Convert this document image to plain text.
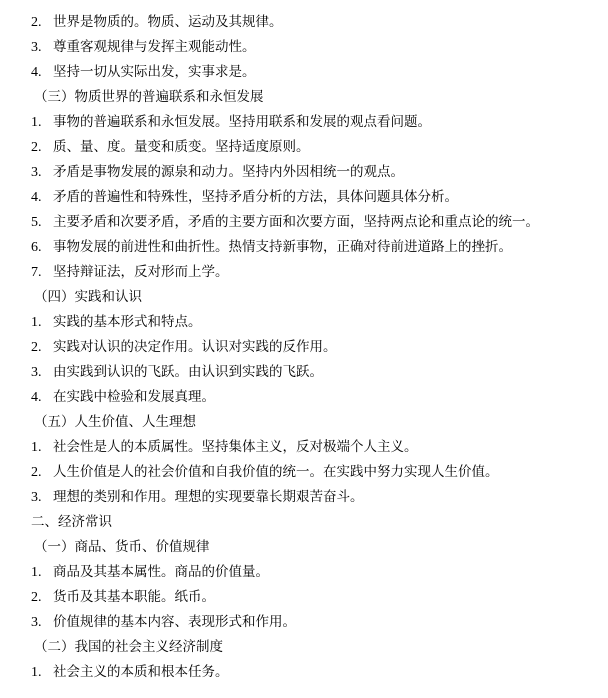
2. 世界是物质的。物质、运动及其规律。
3. 尊重客观规律与发挥主观能动性。
4. 坚持一切从实际出发，实事求是。
（三）物质世界的普遍联系和永恒发展
1. 事物的普遍联系和永恒发展。坚持用联系和发展的观点看问题。
2. 质、量、度。量变和质变。坚持适度原则。
3. 矛盾是事物发展的源泉和动力。坚持内外因相统一的观点。
4. 矛盾的普遍性和特殊性，坚持矛盾分析的方法，具体问题具体分析。
5. 主要矛盾和次要矛盾，矛盾的主要方面和次要方面，坚持两点论和重点论的统一。
6. 事物发展的前进性和曲折性。热情支持新事物，正确对待前进道路上的挫折。
7. 坚持辩证法，反对形而上学。
（四）实践和认识
1. 实践的基本形式和特点。
2. 实践对认识的决定作用。认识对实践的反作用。
3. 由实践到认识的飞跃。由认识到实践的飞跃。
4. 在实践中检验和发展真理。
（五）人生价值、人生理想
1. 社会性是人的本质属性。坚持集体主义，反对极端个人主义。
2. 人生价值是人的社会价值和自我价值的统一。在实践中努力实现人生价值。
3. 理想的类别和作用。理想的实现要靠长期艰苦奋斗。
二、经济常识
（一）商品、货币、价值规律
1. 商品及其基本属性。商品的价值量。
2. 货币及其基本职能。纸币。
3. 价值规律的基本内容、表现形式和作用。
（二）我国的社会主义经济制度
1. 社会主义的本质和根本任务。
